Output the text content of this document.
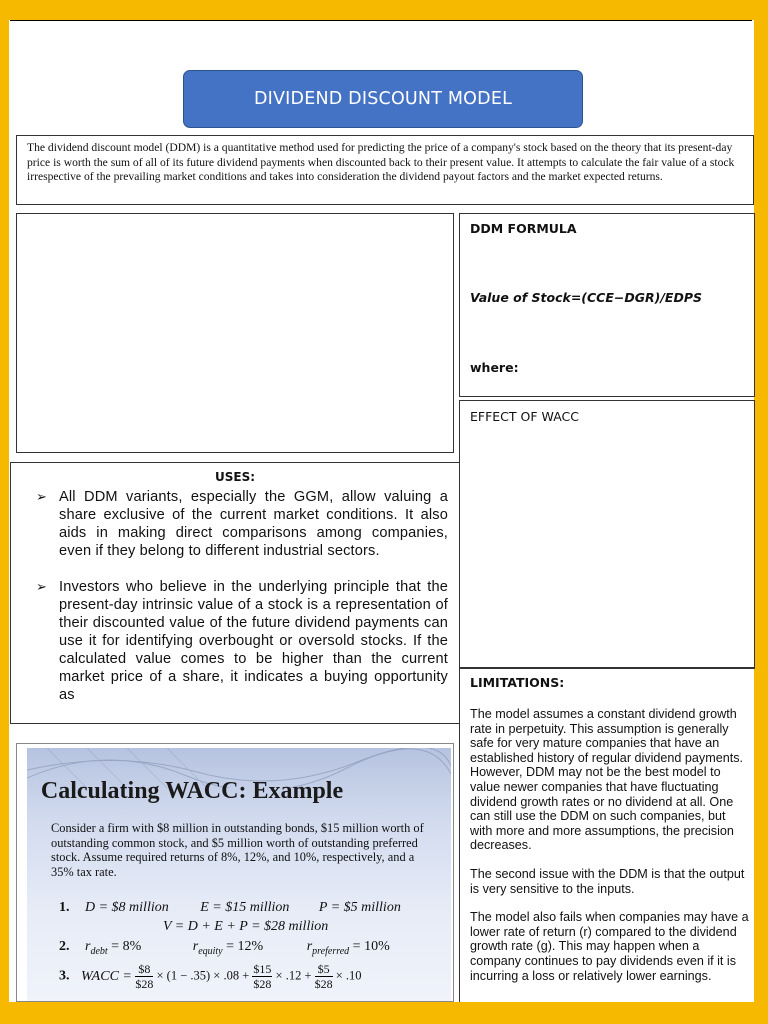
DIVIDEND DISCOUNT MODEL
The dividend discount model (DDM) is a quantitative method used for predicting the price of a company's stock based on the theory that its present-day price is worth the sum of all of its future dividend payments when discounted back to their present value. It attempts to calculate the fair value of a stock irrespective of the prevailing market conditions and takes into consideration the dividend payout factors and the market expected returns.
DDM FORMULA
Value of Stock=(CCE−DGR)/EDPS
where:
EFFECT OF WACC
USES:
➢ All DDM variants, especially the GGM, allow valuing a share exclusive of the current market conditions. It also aids in making direct comparisons among companies, even if they belong to different industrial sectors.
➢ Investors who believe in the underlying principle that the present-day intrinsic value of a stock is a representation of their discounted value of the future dividend payments can use it for identifying overbought or oversold stocks. If the calculated value comes to be higher than the current market price of a share, it indicates a buying opportunity as
LIMITATIONS:

The model assumes a constant dividend growth rate in perpetuity. This assumption is generally safe for very mature companies that have an established history of regular dividend payments. However, DDM may not be the best model to value newer companies that have fluctuating dividend growth rates or no dividend at all. One can still use the DDM on such companies, but with more and more assumptions, the precision decreases.

The second issue with the DDM is that the output is very sensitive to the inputs.

The model also fails when companies may have a lower rate of return (r) compared to the dividend growth rate (g). This may happen when a company continues to pay dividends even if it is incurring a loss or relatively lower earnings.

Calculating WACC: Example
Consider a firm with $8 million in outstanding bonds, $15 million worth of outstanding common stock, and $5 million worth of outstanding preferred stock. Assume required returns of 8%, 12%, and 10%, respectively, and a 35% tax rate.
1. D = $8 million E = $15 million P = $5 million
V = D + E + P = $28 million
2. $r_{debt} = 8\%$	$r_{equity} = 12\%$	$r_{preferred} = 10\%$
3. WACC = $\frac{\$8}{\$28} \times (1 - .35) \times .08 + \frac{\$15}{\$28} \times .12 + \frac{\$5}{\$28} \times .10$
